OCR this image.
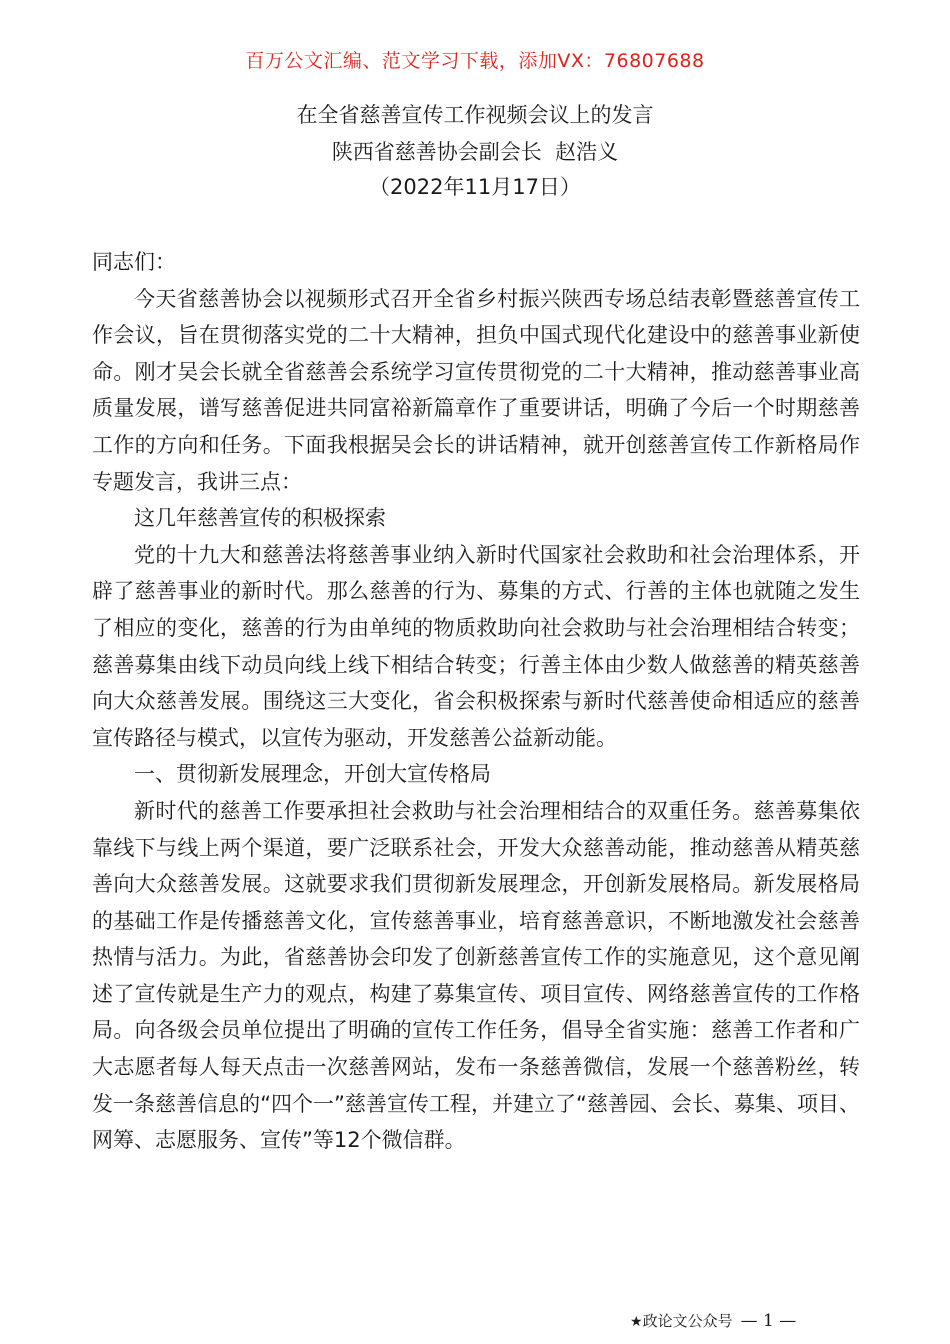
百万公文汇编、范文学习下载，添加VX：76807688
在全省慈善宣传工作视频会议上的发言
陕西省慈善协会副会长  赵浩义
（2022年11月17日）

同志们：

今天省慈善协会以视频形式召开全省乡村振兴陕西专场总结表彰暨慈善宣传工作会议，旨在贯彻落实党的二十大精神，担负中国式现代化建设中的慈善事业新使命。刚才吴会长就全省慈善会系统学习宣传贯彻党的二十大精神，推动慈善事业高质量发展，谱写慈善促进共同富裕新篇章作了重要讲话，明确了今后一个时期慈善工作的方向和任务。下面我根据吴会长的讲话精神，就开创慈善宣传工作新格局作专题发言，我讲三点：

这几年慈善宣传的积极探索

党的十九大和慈善法将慈善事业纳入新时代国家社会救助和社会治理体系，开辟了慈善事业的新时代。那么慈善的行为、募集的方式、行善的主体也就随之发生了相应的变化，慈善的行为由单纯的物质救助向社会救助与社会治理相结合转变；慈善募集由线下动员向线上线下相结合转变；行善主体由少数人做慈善的精英慈善向大众慈善发展。围绕这三大变化，省会积极探索与新时代慈善使命相适应的慈善宣传路径与模式，以宣传为驱动，开发慈善公益新动能。

一、贯彻新发展理念，开创大宣传格局

新时代的慈善工作要承担社会救助与社会治理相结合的双重任务。慈善募集依靠线下与线上两个渠道，要广泛联系社会，开发大众慈善动能，推动慈善从精英慈善向大众慈善发展。这就要求我们贯彻新发展理念，开创新发展格局。新发展格局的基础工作是传播慈善文化，宣传慈善事业，培育慈善意识，不断地激发社会慈善热情与活力。为此，省慈善协会印发了创新慈善宣传工作的实施意见，这个意见阐述了宣传就是生产力的观点，构建了募集宣传、项目宣传、网络慈善宣传的工作格局。向各级会员单位提出了明确的宣传工作任务，倡导全省实施：慈善工作者和广大志愿者每人每天点击一次慈善网站，发布一条慈善微信，发展一个慈善粉丝，转发一条慈善信息的“四个一”慈善宣传工程，并建立了“慈善园、会长、募集、项目、网筹、志愿服务、宣传”等12个微信群。

★政论文公众号 — 1 —
